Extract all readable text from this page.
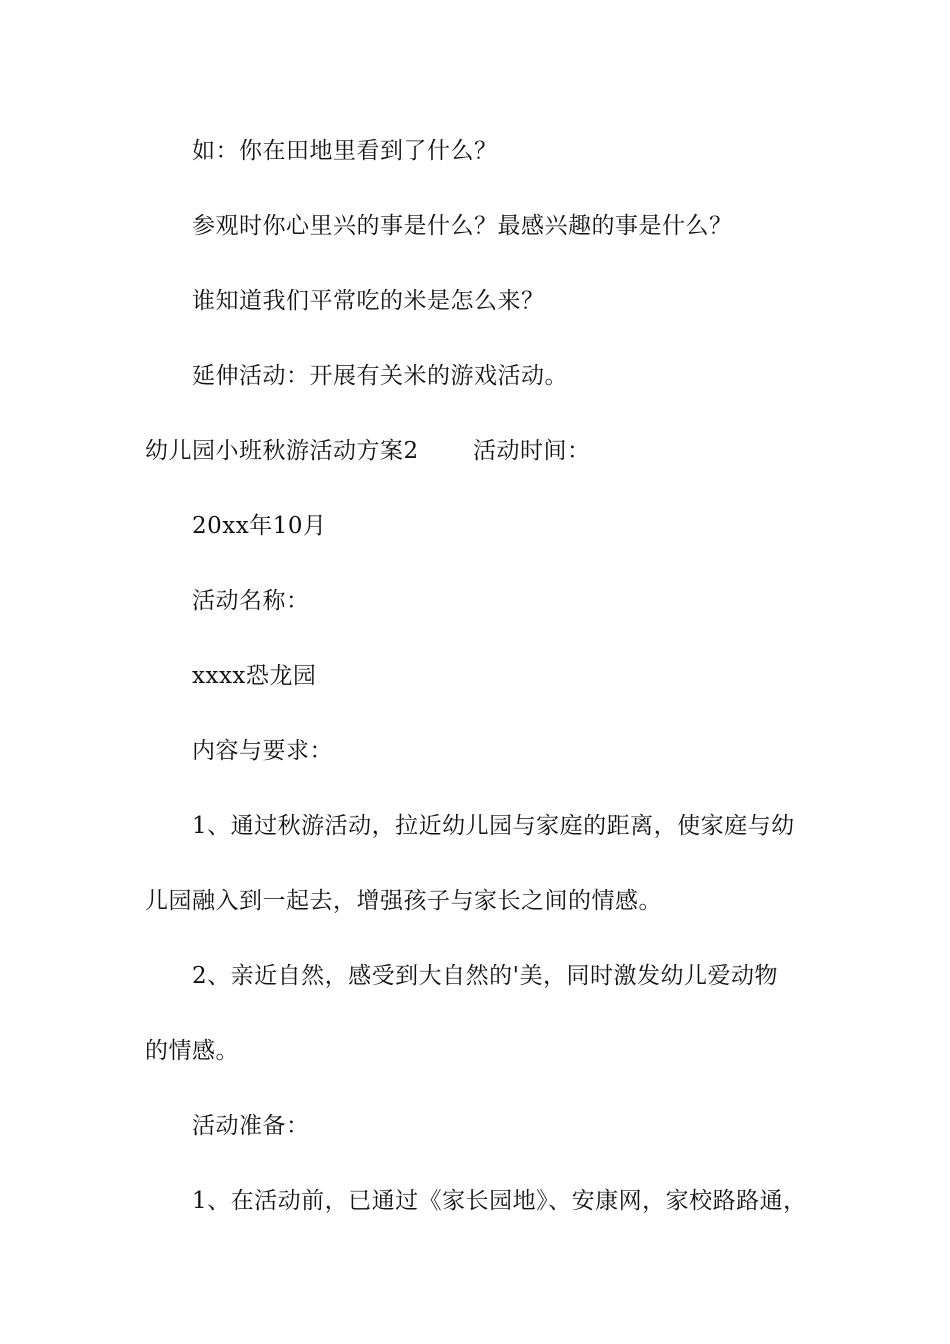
如：你在田地里看到了什么？
参观时你心里兴的事是什么？最感兴趣的事是什么？
谁知道我们平常吃的米是怎么来？
延伸活动：开展有关米的游戏活动。
幼儿园小班秋游活动方案2 活动时间：
20xx年10月
活动名称：
xxxx恐龙园
内容与要求：
1、通过秋游活动，拉近幼儿园与家庭的距离，使家庭与幼
儿园融入到一起去，增强孩子与家长之间的情感。
2、亲近自然，感受到大自然的'美，同时激发幼儿爱动物
的情感。
活动准备：
1、在活动前，已通过《家长园地》、安康网，家校路路通，
